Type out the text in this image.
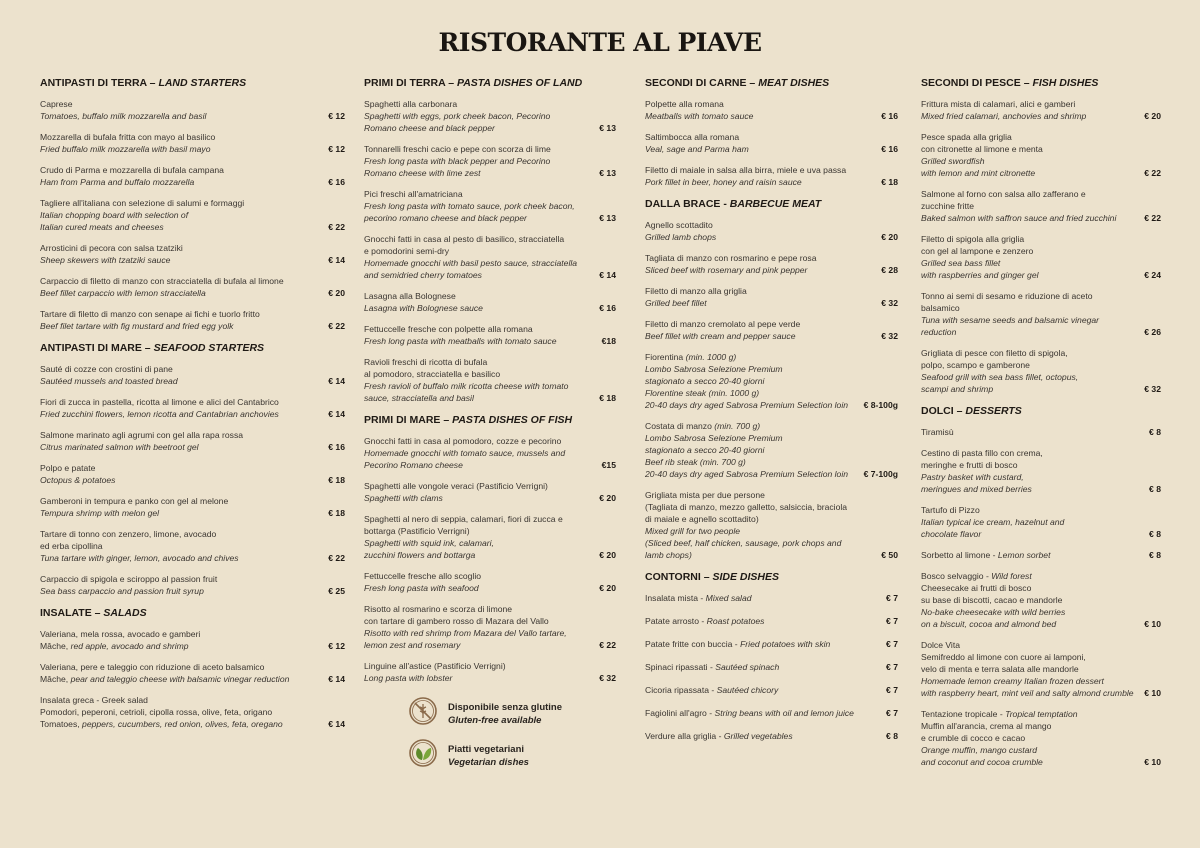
RISTORANTE AL PIAVE
ANTIPASTI DI TERRA – LAND STARTERS
Caprese
Tomatoes, buffalo milk mozzarella and basil	€ 12
Mozzarella di bufala fritta con mayo al basilico
Fried buffalo milk mozzarella with basil mayo	€ 12
Crudo di Parma e mozzarella di bufala campana
Ham from Parma and buffalo mozzarella	€ 16
Tagliere all'italiana con selezione di salumi e formaggi
Italian chopping board with selection of
Italian cured meats and cheeses	€ 22
Arrosticini di pecora con salsa tzatziki
Sheep skewers with tzatziki sauce	€ 14
Carpaccio di filetto di manzo con stracciatella di bufala al limone
Beef fillet carpaccio with lemon stracciatella	€ 20
Tartare di filetto di manzo con senape ai fichi e tuorlo fritto
Beef filet tartare with fig mustard and fried egg yolk	€ 22
ANTIPASTI DI MARE – SEAFOOD STARTERS
Sauté di cozze con crostini di pane
Sautéed mussels and toasted bread	€ 14
Fiori di zucca in pastella, ricotta al limone e alici del Cantabrico
Fried zucchini flowers, lemon ricotta and Cantabrian anchovies	€ 14
Salmone marinato agli agrumi con gel alla rapa rossa
Citrus marinated salmon with beetroot gel	€ 16
Polpo e patate
Octopus & potatoes	€ 18
Gamberoni in tempura e panko con gel al melone
Tempura shrimp with melon gel	€ 18
Tartare di tonno con zenzero, limone, avocado
ed erba cipollina
Tuna tartare with ginger, lemon, avocado and chives	€ 22
Carpaccio di spigola e sciroppo al passion fruit
Sea bass carpaccio and passion fruit syrup	€ 25
INSALATE – SALADS
Valeriana, mela rossa, avocado e gamberi
Mâche, red apple, avocado and shrimp	€ 12
Valeriana, pere e taleggio con riduzione di aceto balsamico
Mâche, pear and taleggio cheese with balsamic vinegar reduction	€ 14
Insalata greca - Greek salad
Pomodori, peperoni, cetrioli, cipolla rossa, olive, feta, origano
Tomatoes, peppers, cucumbers, red onion, olives, feta, oregano	€ 14
PRIMI DI TERRA – PASTA DISHES OF LAND
Spaghetti alla carbonara
Spaghetti with eggs, pork cheek bacon, Pecorino
Romano cheese and black pepper	€ 13
Tonnarelli freschi cacio e pepe con scorza di lime
Fresh long pasta with black pepper and Pecorino
Romano cheese with lime zest	€ 13
Pici freschi all'amatriciana
Fresh long pasta with tomato sauce, pork cheek bacon,
pecorino romano cheese and black pepper	€ 13
Gnocchi fatti in casa al pesto di basilico, stracciatella
e pomodorini semi-dry
Homemade gnocchi with basil pesto sauce, stracciatella
and semidried cherry tomatoes	€ 14
Lasagna alla Bolognese
Lasagna with Bolognese sauce	€ 16
Fettuccelle fresche con polpette alla romana
Fresh long pasta with meatballs with tomato sauce	€18
Ravioli freschi di ricotta di bufala
al pomodoro, stracciatella e basilico
Fresh ravioli of buffalo milk ricotta cheese with tomato
sauce, stracciatella and basil	€ 18
PRIMI DI MARE – PASTA DISHES OF FISH
Gnocchi fatti in casa al pomodoro, cozze e pecorino
Homemade gnocchi with tomato sauce, mussels and
Pecorino Romano cheese	€15
Spaghetti alle vongole veraci (Pastificio Verrigni)
Spaghetti with clams	€ 20
Spaghetti al nero di seppia, calamari, fiori di zucca e
bottarga (Pastificio Verrigni)
Spaghetti with squid ink, calamari,
zucchini flowers and bottarga	€ 20
Fettuccelle fresche allo scoglio
Fresh long pasta with seafood	€ 20
Risotto al rosmarino e scorza di limone
con tartare di gambero rosso di Mazara del Vallo
Risotto with red shrimp from Mazara del Vallo tartare,
lemon zest and rosemary	€ 22
Linguine all'astice (Pastificio Verrigni)
Long pasta with lobster	€ 32
Disponibile senza glutine
Gluten-free available
Piatti vegetariani
Vegetarian dishes
SECONDI DI CARNE – MEAT DISHES
Polpette alla romana
Meatballs with tomato sauce	€ 16
Saltimbocca alla romana
Veal, sage and Parma ham	€ 16
Filetto di maiale in salsa alla birra, miele e uva passa
Pork fillet in beer, honey and raisin sauce	€ 18
DALLA BRACE - BARBECUE MEAT
Agnello scottadito
Grilled lamb chops	€ 20
Tagliata di manzo con rosmarino e pepe rosa
Sliced beef with rosemary and pink pepper	€ 28
Filetto di manzo alla griglia
Grilled beef fillet	€ 32
Filetto di manzo cremolato al pepe verde
Beef fillet with cream and pepper sauce	€ 32
Fiorentina (min. 1000 g)
Lombo Sabrosa Selezione Premium
stagionato a secco 20-40 giorni
Florentine steak (min. 1000 g)
20-40 days dry aged Sabrosa Premium Selection loin	€ 8-100g
Costata di manzo (min. 700 g)
Lombo Sabrosa Selezione Premium
stagionato a secco 20-40 giorni
Beef rib steak (min. 700 g)
20-40 days dry aged Sabrosa Premium Selection loin	€ 7-100g
Grigliata mista per due persone
(Tagliata di manzo, mezzo galletto, salsiccia, braciola
di maiale e agnello scottadito)
Mixed grill for two people
(Sliced beef, half chicken, sausage, pork chops and
lamb chops)	€ 50
CONTORNI – SIDE DISHES
Insalata mista - Mixed salad	€ 7
Patate arrosto - Roast potatoes	€ 7
Patate fritte con buccia - Fried potatoes with skin	€ 7
Spinaci ripassati - Sautéed spinach	€ 7
Cicoria ripassata - Sautéed chicory	€ 7
Fagiolini all'agro - String beans with oil and lemon juice	€ 7
Verdure alla griglia - Grilled vegetables	€ 8
SECONDI DI PESCE – FISH DISHES
Frittura mista di calamari, alici e gamberi
Mixed fried calamari, anchovies and shrimp	€ 20
Pesce spada alla griglia
con citronette al limone e menta
Grilled swordfish
with lemon and mint citronette	€ 22
Salmone al forno con salsa allo zafferano e
zucchine fritte
Baked salmon with saffron sauce and fried zucchini	€ 22
Filetto di spigola alla griglia
con gel al lampone e zenzero
Grilled sea bass fillet
with raspberries and ginger gel	€ 24
Tonno ai semi di sesamo e riduzione di aceto
balsamico
Tuna with sesame seeds and balsamic vinegar
reduction	€ 26
Grigliata di pesce con filetto di spigola,
polpo, scampo e gamberone
Seafood grill with sea bass fillet, octopus,
scampi and shrimp	€ 32
DOLCI – DESSERTS
Tiramisù	€ 8
Cestino di pasta fillo con crema,
meringhe e frutti di bosco
Pastry basket with custard,
meringues and mixed berries	€ 8
Tartufo di Pizzo
Italian typical ice cream, hazelnut and
chocolate flavor	€ 8
Sorbetto al limone - Lemon sorbet	€ 8
Bosco selvaggio - Wild forest
Cheesecake ai frutti di bosco
su base di biscotti, cacao e mandorle
No-bake cheesecake with wild berries
on a biscuit, cocoa and almond bed	€ 10
Dolce Vita
Semifreddo al limone con cuore ai lamponi,
velo di menta e terra salata alle mandorle
Homemade lemon creamy Italian frozen dessert
with raspberry heart, mint veil and salty almond crumble	€ 10
Tentazione tropicale - Tropical temptation
Muffin all'arancia, crema al mango
e crumble di cocco e cacao
Orange muffin, mango custard
and coconut and cocoa crumble	€ 10
